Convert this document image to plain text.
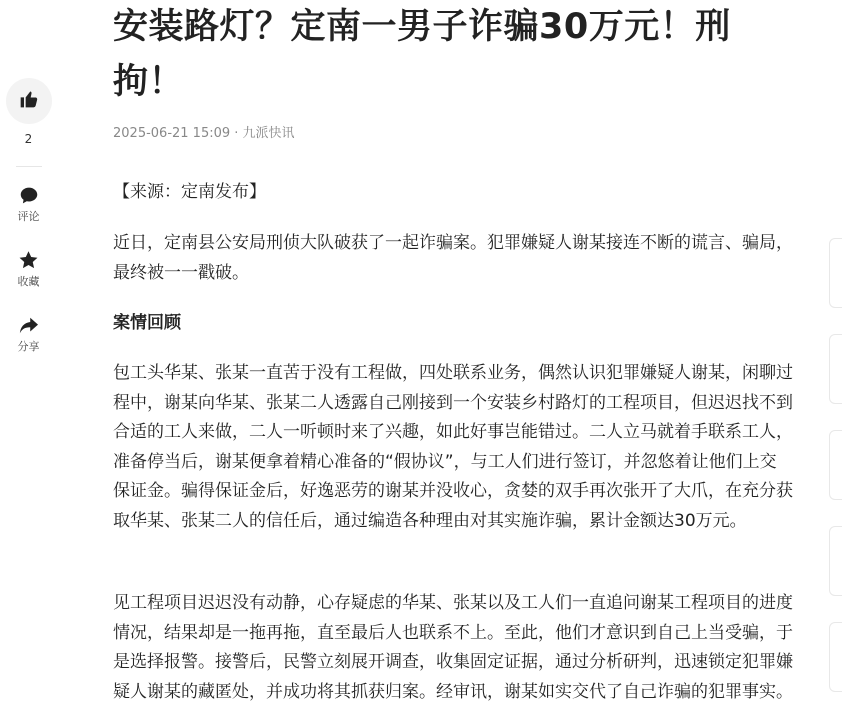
2
评论
收藏
分享
安装路灯？定南一男子诈骗30万元！刑拘！
2025-06-21 15:09 · 九派快讯

【来源：定南发布】

近日，定南县公安局刑侦大队破获了一起诈骗案。犯罪嫌疑人谢某接连不断的谎言、骗局，最终被一一戳破。

案情回顾

包工头华某、张某一直苦于没有工程做，四处联系业务，偶然认识犯罪嫌疑人谢某，闲聊过程中，谢某向华某、张某二人透露自己刚接到一个安装乡村路灯的工程项目，但迟迟找不到合适的工人来做，二人一听顿时来了兴趣，如此好事岂能错过。二人立马就着手联系工人，准备停当后，谢某便拿着精心准备的“假协议”，与工人们进行签订，并忽悠着让他们上交保证金。骗得保证金后，好逸恶劳的谢某并没收心，贪婪的双手再次张开了大爪，在充分获取华某、张某二人的信任后，通过编造各种理由对其实施诈骗，累计金额达30万元。

见工程项目迟迟没有动静，心存疑虑的华某、张某以及工人们一直追问谢某工程项目的进度情况，结果却是一拖再拖，直至最后人也联系不上。至此，他们才意识到自己上当受骗，于是选择报警。接警后，民警立刻展开调查，收集固定证据，通过分析研判，迅速锁定犯罪嫌疑人谢某的藏匿处，并成功将其抓获归案。经审讯，谢某如实交代了自己诈骗的犯罪事实。
